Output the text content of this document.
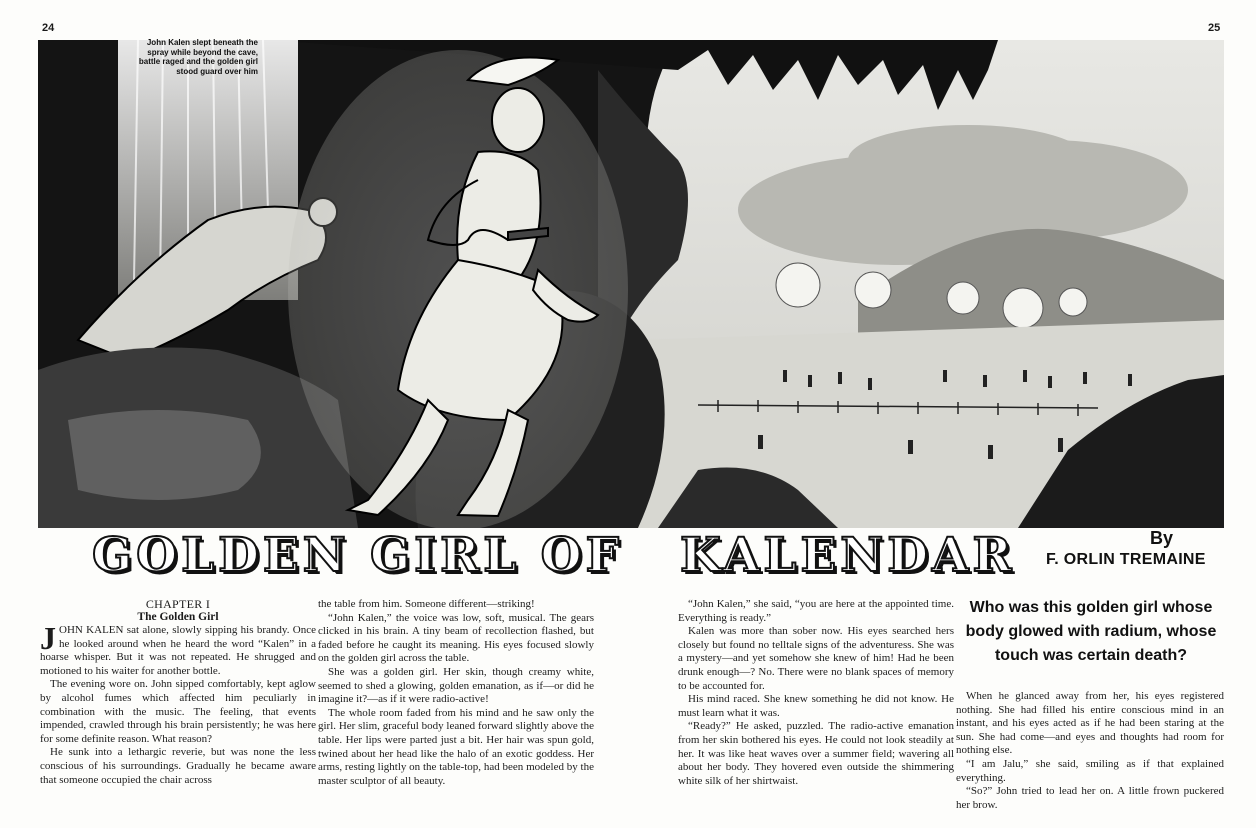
24	25
John Kalen slept beneath the spray while beyond the cave, battle raged and the golden girl stood guard over him
GOLDEN GIRL OF KALENDAR	By
F. ORLIN TREMAINE
Who was this golden girl whose body glowed with radium, whose touch was certain death?
CHAPTER I
The Golden Girl

JOHN KALEN sat alone, slowly sipping his brandy. Once he looked around when he heard the word “Kalen” in a hoarse whisper. But it was not repeated. He shrugged and motioned to his waiter for another bottle.

The evening wore on. John sipped comfortably, kept aglow by alcohol fumes which affected him peculiarly in combination with the music. The feeling, that events impended, crawled through his brain persistently; he was here for some definite reason. What reason?

He sunk into a lethargic reverie, but was none the less conscious of his surroundings. Gradually he became aware that someone occupied the chair across

the table from him. Someone different—striking!

“John Kalen,” the voice was low, soft, musical. The gears clicked in his brain. A tiny beam of recollection flashed, but faded before he caught its meaning. His eyes focused slowly on the golden girl across the table.

She was a golden girl. Her skin, though creamy white, seemed to shed a glowing, golden emanation, as if—or did he imagine it?—as if it were radio-active!

The whole room faded from his mind and he saw only the girl. Her slim, graceful body leaned forward slightly above the table. Her lips were parted just a bit. Her hair was spun gold, twined about her head like the halo of an exotic goddess. Her arms, resting lightly on the table-top, had been modeled by the master sculptor of all beauty.

“John Kalen,” she said, “you are here at the appointed time. Everything is ready.”

Kalen was more than sober now. His eyes searched hers closely but found no telltale signs of the adventuress. She was a mystery—and yet somehow she knew of him! Had he been drunk enough—? No. There were no blank spaces of memory to be accounted for.

His mind raced. She knew something he did not know. He must learn what it was.

“Ready?” He asked, puzzled. The radio-active emanation from her skin bothered his eyes. He could not look steadily at her. It was like heat waves over a summer field; wavering all about her body. They hovered even outside the shimmering white silk of her shirtwaist.

When he glanced away from her, his eyes registered nothing. She had filled his entire conscious mind in an instant, and his eyes acted as if he had been staring at the sun. She had come—and eyes and thoughts had room for nothing else.

“I am Jalu,” she said, smiling as if that explained everything.

“So?” John tried to lead her on. A little frown puckered her brow.
